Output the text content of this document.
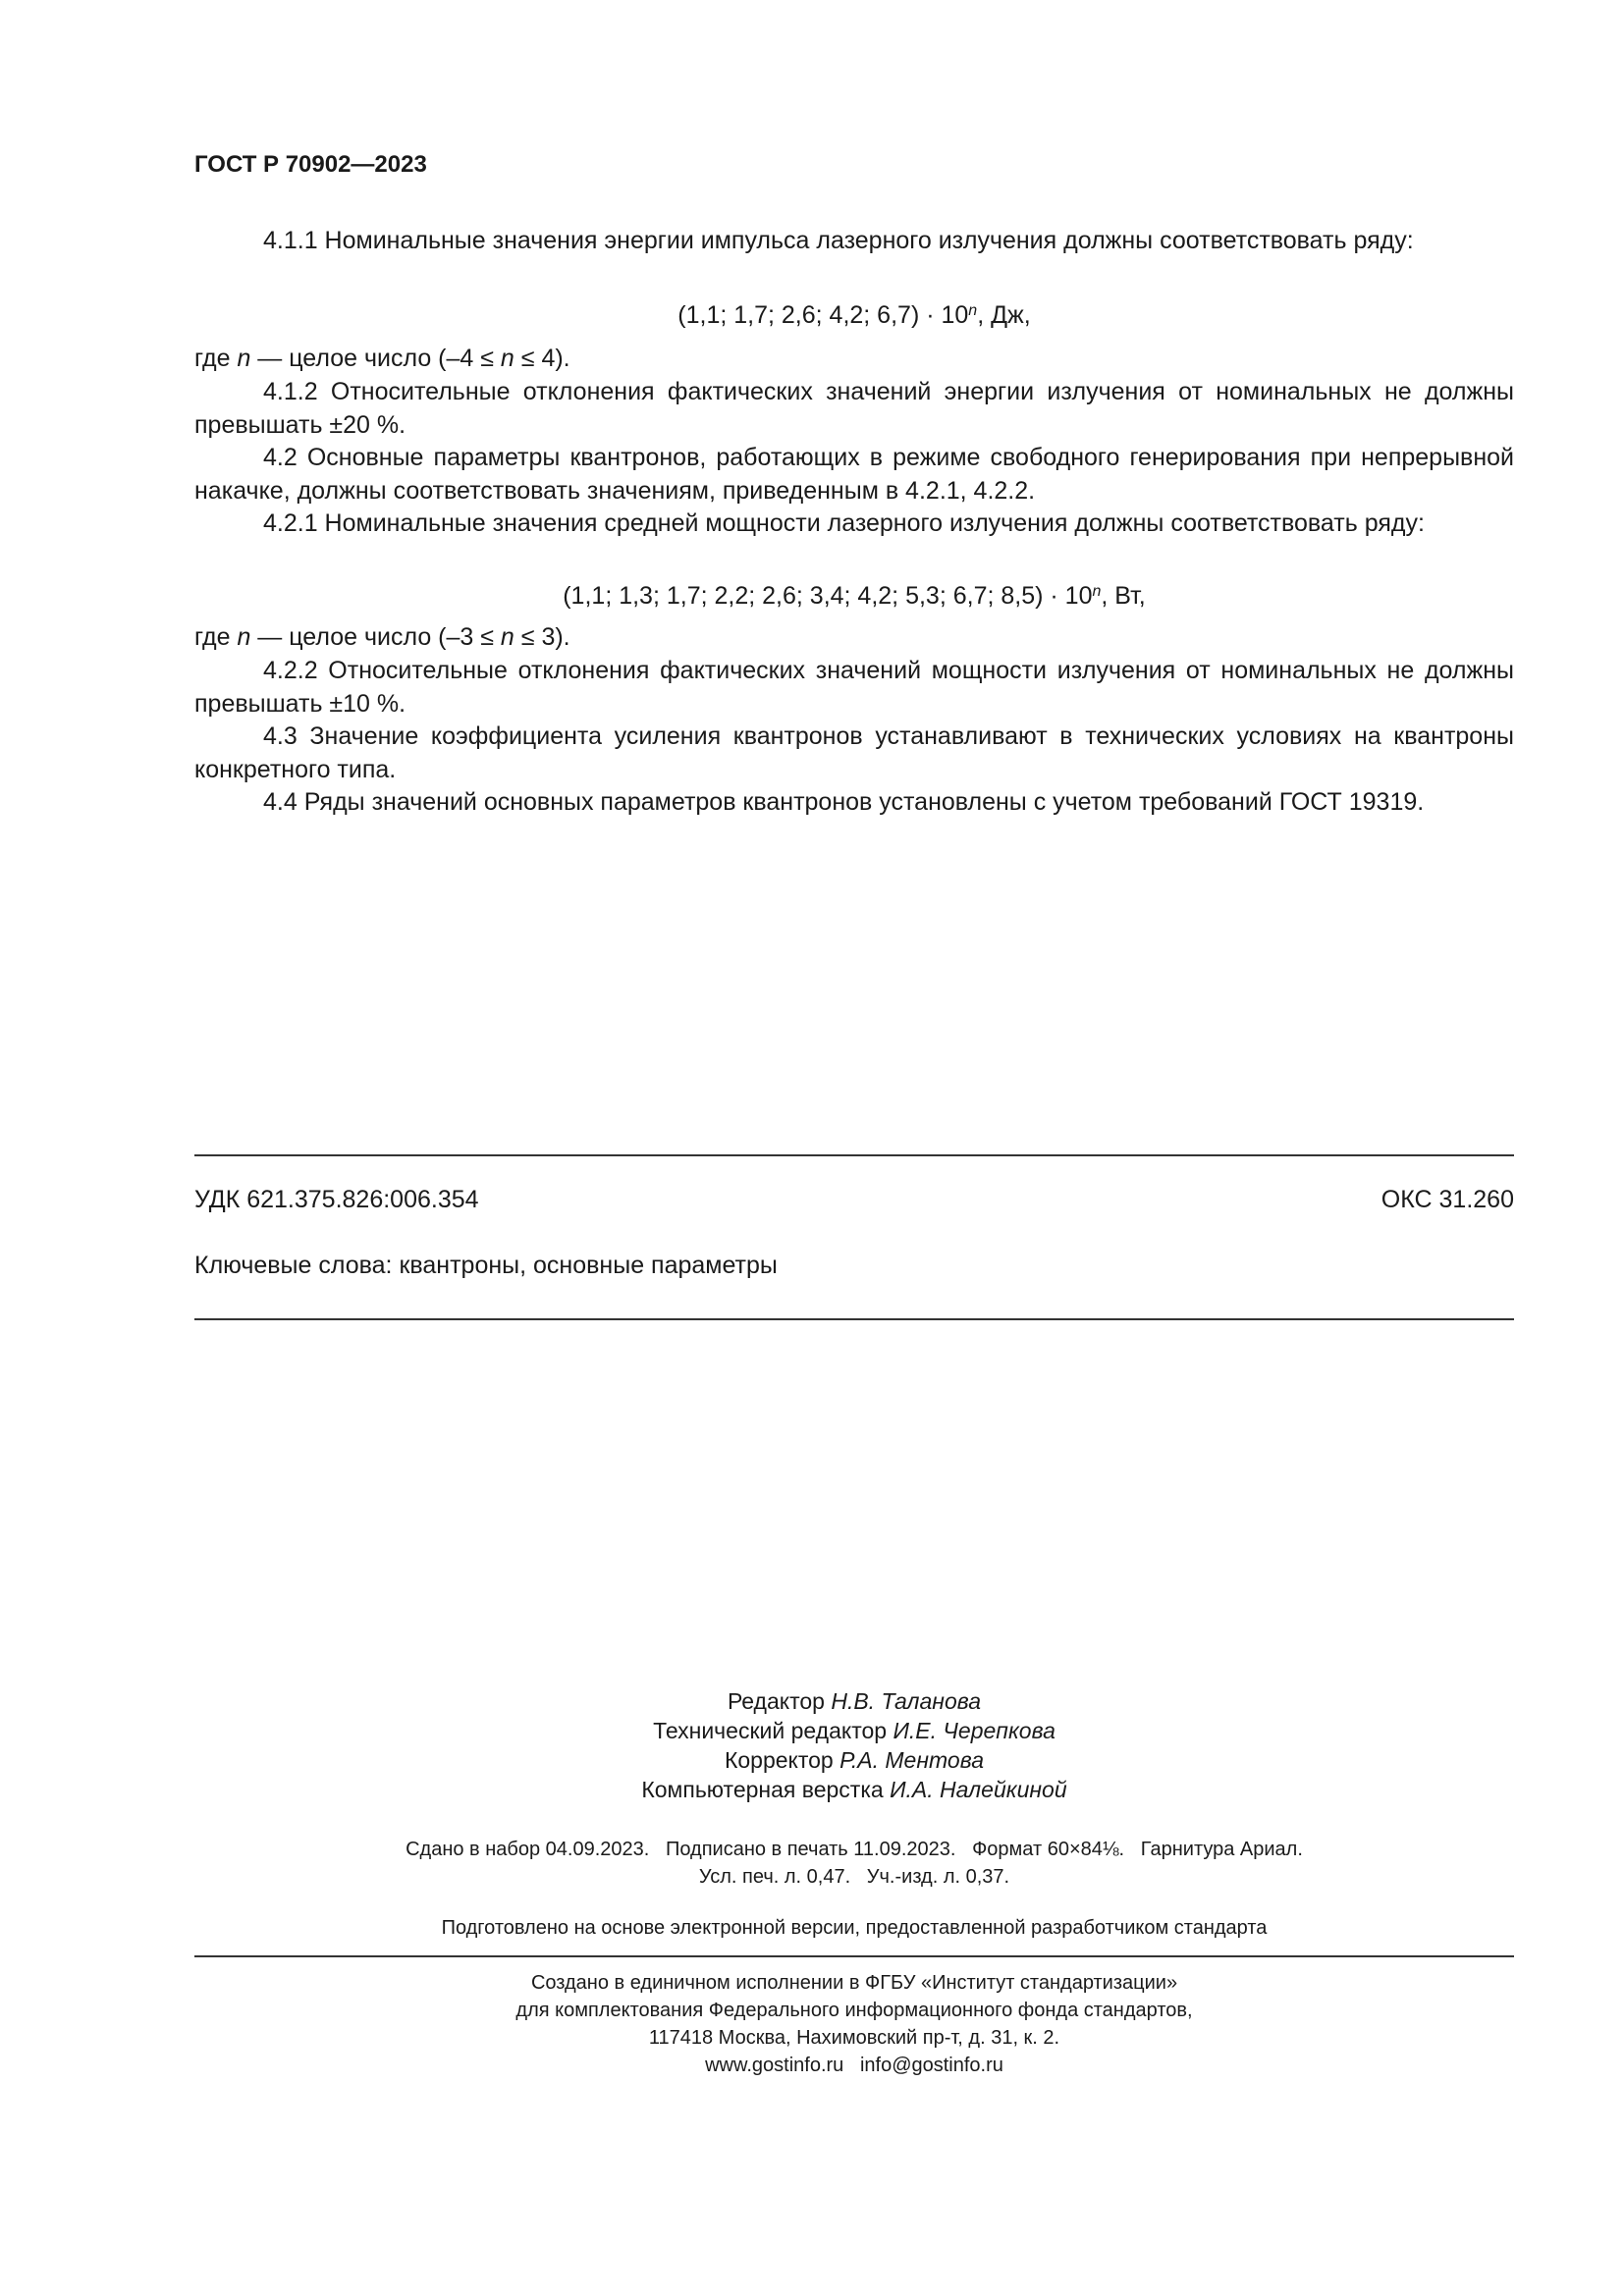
ГОСТ Р 70902—2023
4.1.1 Номинальные значения энергии импульса лазерного излучения должны соответствовать ряду:
(1,1; 1,7; 2,6; 4,2; $6,7) \cdot 10^n$, Дж,
где n — целое число (–4 ≤ n ≤ 4).
4.1.2 Относительные отклонения фактических значений энергии излучения от номинальных не должны превышать ±20 %.
4.2 Основные параметры квантронов, работающих в режиме свободного генерирования при непрерывной накачке, должны соответствовать значениям, приведенным в 4.2.1, 4.2.2.
4.2.1 Номинальные значения средней мощности лазерного излучения должны соответствовать ряду:
(1,1; 1,3; 1,7; 2,2; 2,6; 3,4; 4,2; 5,3; 6,7; $8,5) \cdot 10^n$, Вт,
где n — целое число (–3 ≤ n ≤ 3).
4.2.2 Относительные отклонения фактических значений мощности излучения от номинальных не должны превышать ±10 %.
4.3 Значение коэффициента усиления квантронов устанавливают в технических условиях на квантроны конкретного типа.
4.4 Ряды значений основных параметров квантронов установлены с учетом требований ГОСТ 19319.
УДК 621.375.826:006.354	ОКС 31.260
Ключевые слова: квантроны, основные параметры
Редактор Н.В. Таланова
Технический редактор И.Е. Черепкова
Корректор Р.А. Ментова
Компьютерная верстка И.А. Налейкиной
Сдано в набор 04.09.2023.   Подписано в печать 11.09.2023.   Формат 60×84⅛.   Гарнитура Ариал.
Усл. печ. л. 0,47.   Уч.-изд. л. 0,37.
Подготовлено на основе электронной версии, предоставленной разработчиком стандарта
Создано в единичном исполнении в ФГБУ «Институт стандартизации»
для комплектования Федерального информационного фонда стандартов,
117418 Москва, Нахимовский пр-т, д. 31, к. 2.
www.gostinfo.ru   info@gostinfo.ru
